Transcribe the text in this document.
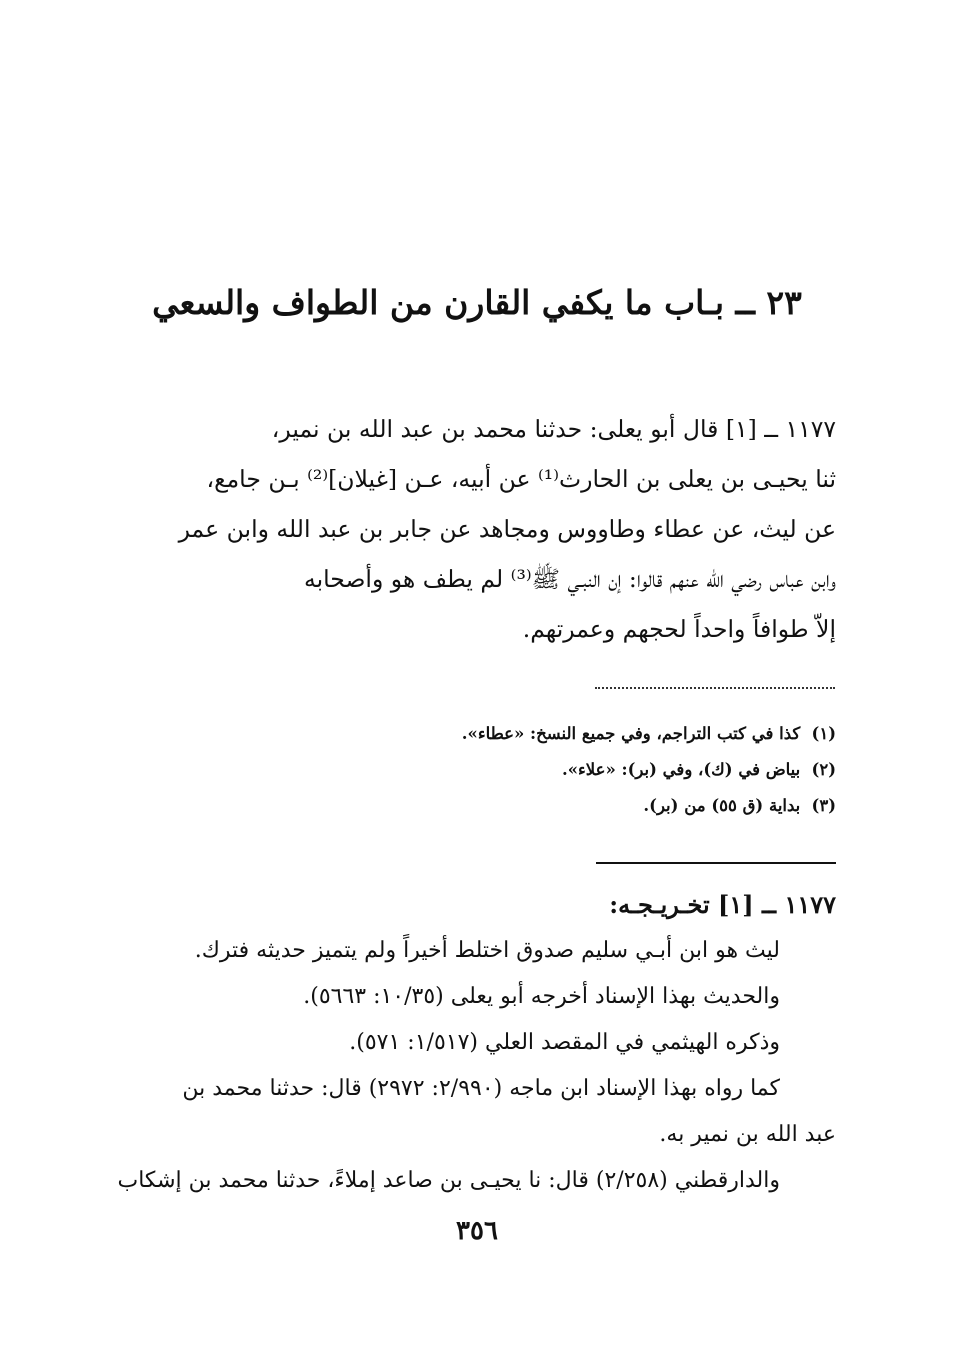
٢٣ ــ بـاب ما يكفي القارن من الطواف والسعي
١١٧٧ ــ [١] قال أبو يعلى: حدثنا محمد بن عبد الله بن نمير،
ثنا يحيـى بن يعلى بن الحارث⁽¹⁾ عن أبيه، عـن [غيلان]⁽²⁾ بـن جامع،
عن ليث، عن عطاء وطاووس ومجاهد عن جابر بن عبد الله وابن عمر
وابن عباس رضي الله عنهم قالوا: إن النبـي ﷺ⁽³⁾ لم يطف هو وأصحابه
إلاّ طوافاً واحداً لحجهم وعمرتهم.
(١) كذا في كتب التراجم، وفي جميع النسخ: «عطاء».
(٢) بياض في (ك)، وفي (بر): «علاء».
(٣) بداية (ق ٥٥) من (بر).
١١٧٧ ــ [١] تخـريـجـه:
ليث هو ابن أبـي سليم صدوق اختلط أخيراً ولم يتميز حديثه فترك.
والحديث بهذا الإسناد أخرجه أبو يعلى (١٠/٣٥: ٥٦٦٣).
وذكره الهيثمي في المقصد العلي (١/٥١٧: ٥٧١).
كما رواه بهذا الإسناد ابن ماجه (٢/٩٩٠: ٢٩٧٢) قال: حدثنا محمد بن
عبد الله بن نمير به.
والدارقطني (٢/٢٥٨) قال: نا يحيـى بن صاعد إملاءً، حدثنا محمد بن إشكاب
٣٥٦
